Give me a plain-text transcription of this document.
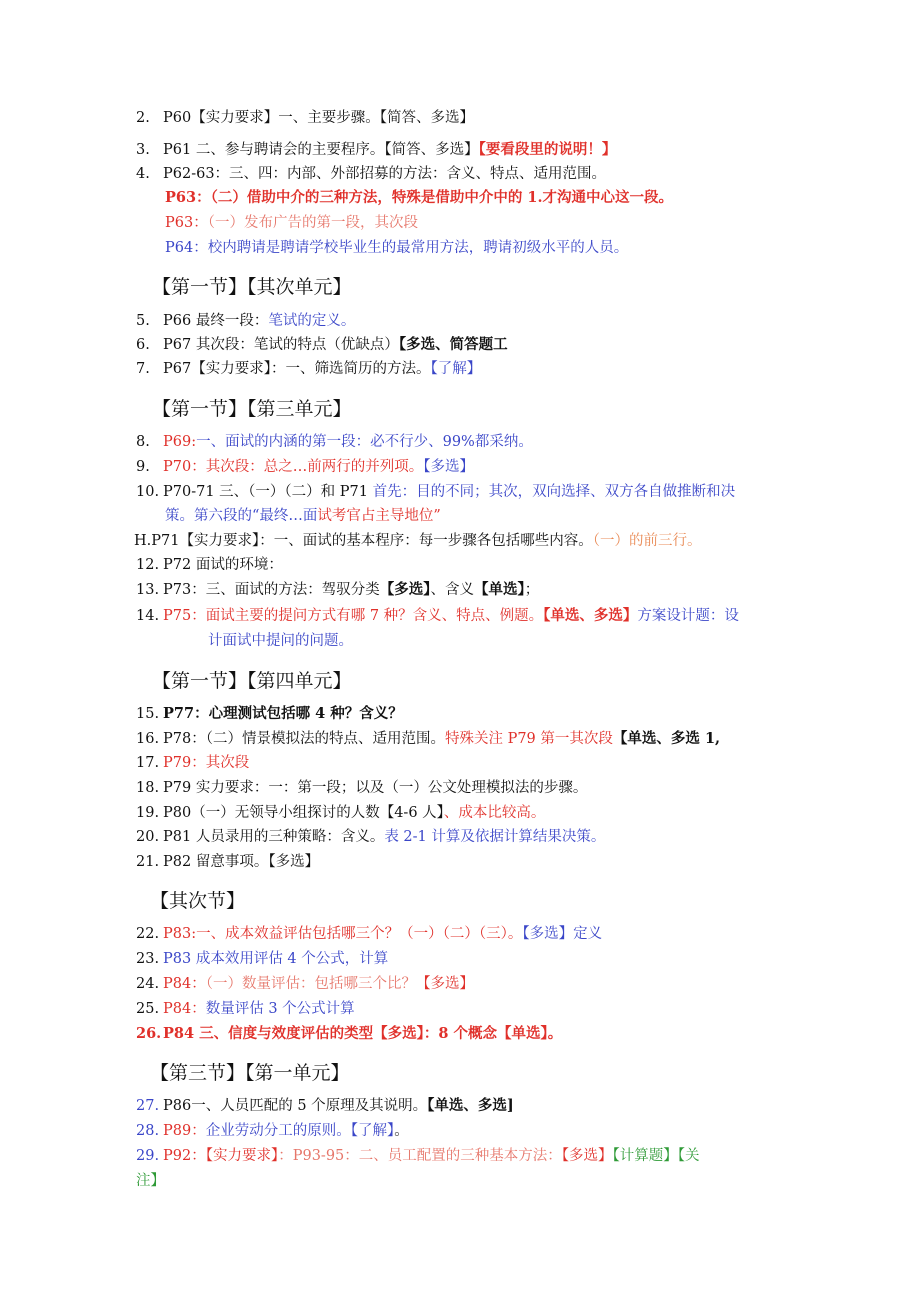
2. P60【实力要求】一、主要步骤。【简答、多选】
3. P61 二、参与聘请会的主要程序。【简答、多选】【要看段里的说明！】
4. P62-63：三、四：内部、外部招募的方法：含义、特点、适用范围。
P63：（二）借助中介的三种方法，特殊是借助中介中的 1.才沟通中心这一段。
P63：（一）发布广告的第一段，其次段
P64：校内聘请是聘请学校毕业生的最常用方法，聘请初级水平的人员。
【第一节】【其次单元】
5. P66 最终一段：笔试的定义。
6. P67 其次段：笔试的特点（优缺点）【多选、简答题工
7. P67【实力要求】：一、筛选简历的方法。【了解】
【第一节】【第三单元】
8. P69:一、面试的内涵的第一段：必不行少、99%都采纳。
9. P70：其次段：总之…前两行的并列项。【多选】
10. P70-71 三、（一）（二）和 P71 首先：目的不同；其次，双向选择、双方各自做推断和决
策。第六段的“最终…面试考官占主导地位”
H.P71【实力要求】：一、面试的基本程序：每一步骤各包括哪些内容。（一）的前三行。
12. P72 面试的环境：
13. P73：三、面试的方法：驾驭分类【多选】、含义【单选】；
14. P75：面试主要的提问方式有哪 7 种？含义、特点、例题。【单选、多选】方案设计题：设
计面试中提问的问题。
【第一节】【第四单元】
15. P77：心理测试包括哪 4 种？含义？
16. P78：（二）情景模拟法的特点、适用范围。特殊关注 P79 第一其次段【单选、多选 1,
17. P79：其次段
18. P79 实力要求：一：第一段；以及（一）公文处理模拟法的步骤。
19. P80（一）无领导小组探讨的人数【4-6 人】、成本比较高。
20. P81 人员录用的三种策略：含义。表 2-1 计算及依据计算结果决策。
21. P82 留意事项。【多选】
【其次节】
22. P83:一、成本效益评估包括哪三个？（一）（二）（三）。【多选】定义
23. P83 成本效用评估 4 个公式，计算
24. P84：（一）数量评估：包括哪三个比？【多选】
25. P84：数量评估 3 个公式计算
26. P84 三、信度与效度评估的类型【多选】：8 个概念【单选】。
【第三节】【第一单元】
27. P86一、人员匹配的 5 个原理及其说明。【单选、多选]
28. P89：企业劳动分工的原则。【了解】。
29. P92：【实力要求】：P93-95：二、员工配置的三种基本方法：【多选】【计算题】【关
注】
